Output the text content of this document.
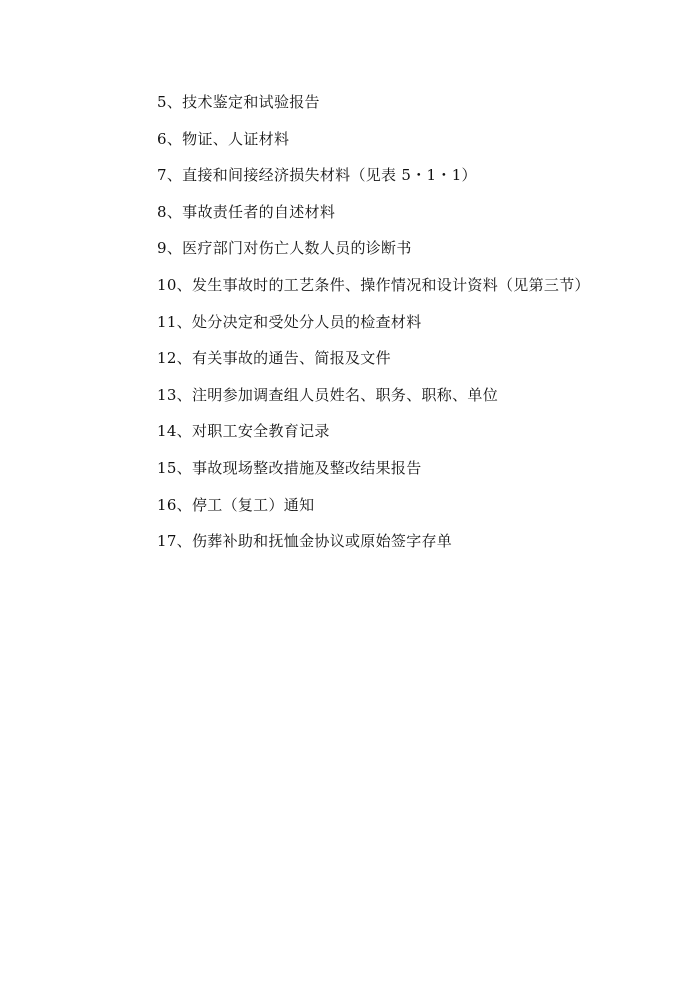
5、技术鉴定和试验报告
6、物证、人证材料
7、直接和间接经济损失材料（见表 5・1・1）
8、事故责任者的自述材料
9、医疗部门对伤亡人数人员的诊断书
10、发生事故时的工艺条件、操作情况和设计资料（见第三节）
11、处分决定和受处分人员的检查材料
12、有关事故的通告、简报及文件
13、注明参加调查组人员姓名、职务、职称、单位
14、对职工安全教育记录
15、事故现场整改措施及整改结果报告
16、停工（复工）通知
17、伤葬补助和抚恤金协议或原始签字存单
